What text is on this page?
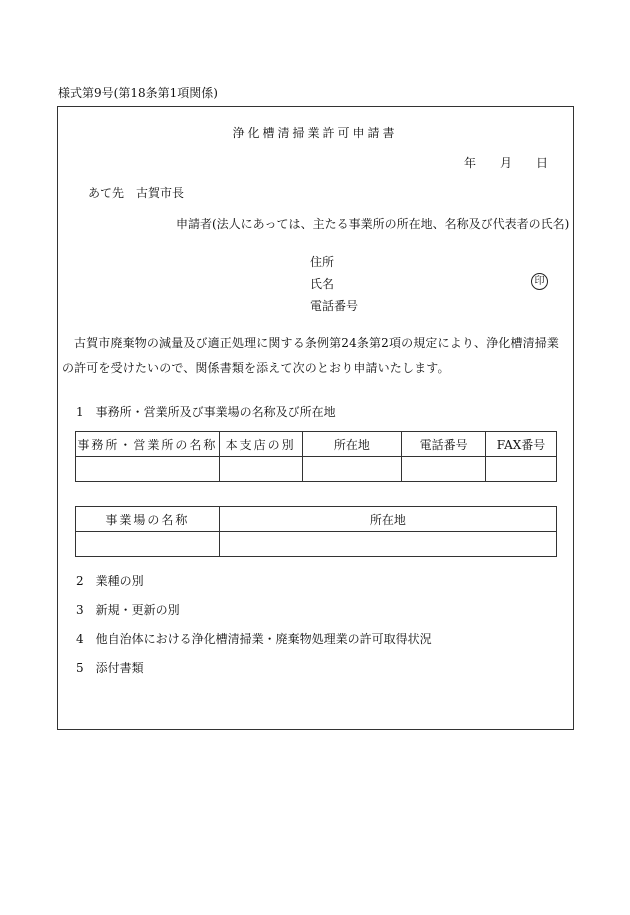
様式第9号(第18条第1項関係)
浄化槽清掃業許可申請書
年 月 日
あて先　古賀市長
申請者(法人にあっては、主たる事業所の所在地、名称及び代表者の氏名)
住所
氏名	印
電話番号
古賀市廃棄物の減量及び適正処理に関する条例第24条第2項の規定により、浄化槽清掃業の許可を受けたいので、関係書類を添えて次のとおり申請いたします。
1　事務所・営業所及び事業場の名称及び所在地
事務所・営業所の名称	本支店の別	所在地	電話番号	FAX番号

事業場の名称	所在地

2　業種の別
3　新規・更新の別
4　他自治体における浄化槽清掃業・廃棄物処理業の許可取得状況
5　添付書類
